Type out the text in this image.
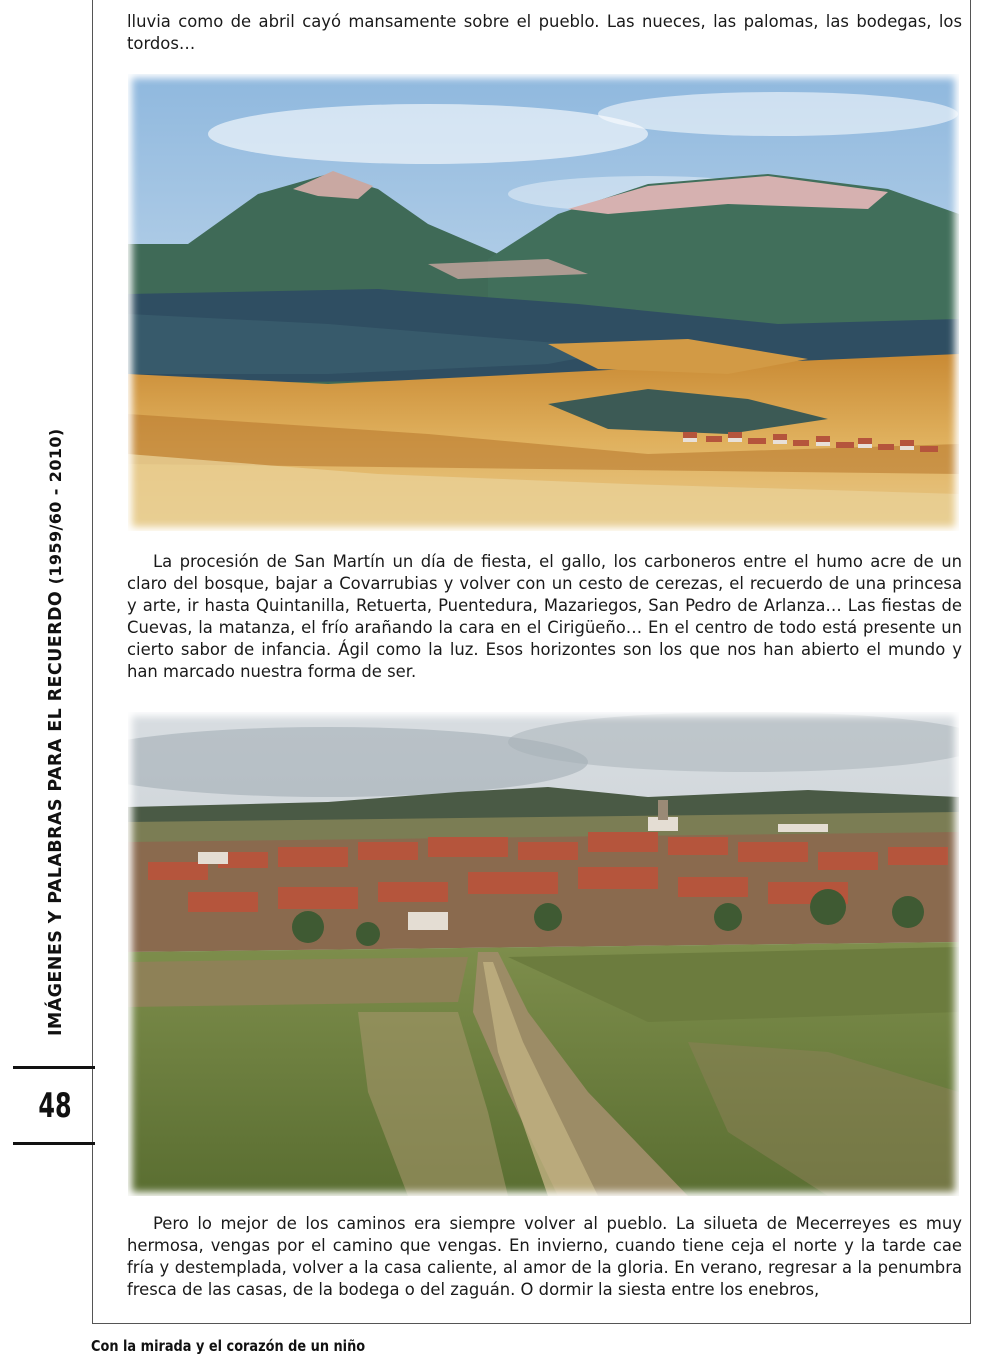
lluvia como de abril cayó mansamente sobre el pueblo. Las nueces, las palomas, las bodegas, los tordos…

La procesión de San Martín un día de fiesta, el gallo, los carboneros entre el humo acre de un claro del bosque, bajar a Covarrubias y volver con un cesto de cerezas, el recuerdo de una princesa y arte, ir hasta Quintanilla, Retuerta, Puentedura, Mazariegos, San Pedro de Arlanza… Las fiestas de Cuevas, la matanza, el frío arañando la cara en el Cirigüeño… En el centro de todo está presente un cierto sabor de infancia. Ágil como la luz. Esos horizontes son los que nos han abierto el mundo y han marcado nuestra forma de ser.

Pero lo mejor de los caminos era siempre volver al pueblo. La silueta de Mecerreyes es muy hermosa, vengas por el camino que vengas. En invierno, cuando tiene ceja el norte y la tarde cae fría y destemplada, volver a la casa caliente, al amor de la gloria. En verano, regresar a la penumbra fresca de las casas, de la bodega o del zaguán. O dormir la siesta entre los enebros,

IMÁGENES Y PALABRAS PARA EL RECUERDO (1959/60 - 2010)
48
Con la mirada y el corazón de un niño
